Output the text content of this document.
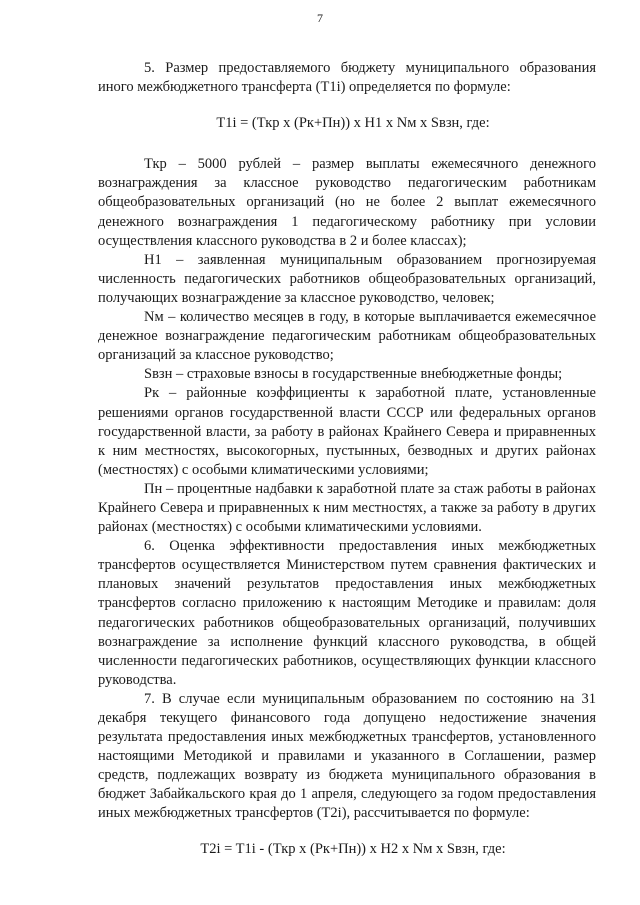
7

5. Размер предоставляемого бюджету муниципального образования иного межбюджетного трансферта (T1i) определяется по формуле:

T1i = (Ткр x (Рк+Пн)) x Н1 x Nм x Sвзн, где:

Ткр – 5000 рублей – размер выплаты ежемесячного денежного вознаграждения за классное руководство педагогическим работникам общеобразовательных организаций (но не более 2 выплат ежемесячного денежного вознаграждения 1 педагогическому работнику при условии осуществления классного руководства в 2 и более классах);

Н1 – заявленная муниципальным образованием прогнозируемая численность педагогических работников общеобразовательных организаций, получающих вознаграждение за классное руководство, человек;

Nм – количество месяцев в году, в которые выплачивается ежемесячное денежное вознаграждение педагогическим работникам общеобразовательных организаций за классное руководство;

Sвзн – страховые взносы в государственные внебюджетные фонды;

Рк – районные коэффициенты к заработной плате, установленные решениями органов государственной власти СССР или федеральных органов государственной власти, за работу в районах Крайнего Севера и приравненных к ним местностях, высокогорных, пустынных, безводных и других районах (местностях) с особыми климатическими условиями;

Пн – процентные надбавки к заработной плате за стаж работы в районах Крайнего Севера и приравненных к ним местностях, а также за работу в других районах (местностях) с особыми климатическими условиями.

6. Оценка эффективности предоставления иных межбюджетных трансфертов осуществляется Министерством путем сравнения фактических и плановых значений результатов предоставления иных межбюджетных трансфертов согласно приложению к настоящим Методике и правилам: доля педагогических работников общеобразовательных организаций, получивших вознаграждение за исполнение функций классного руководства, в общей численности педагогических работников, осуществляющих функции классного руководства.

7. В случае если муниципальным образованием по состоянию на 31 декабря текущего финансового года допущено недостижение значения результата предоставления иных межбюджетных трансфертов, установленного настоящими Методикой и правилами и указанного в Соглашении, размер средств, подлежащих возврату из бюджета муниципального образования в бюджет Забайкальского края до 1 апреля, следующего за годом предоставления иных межбюджетных трансфертов (T2i), рассчитывается по формуле:

T2i = T1i - (Ткр x (Рк+Пн)) x Н2 x Nм x Sвзн, где:
